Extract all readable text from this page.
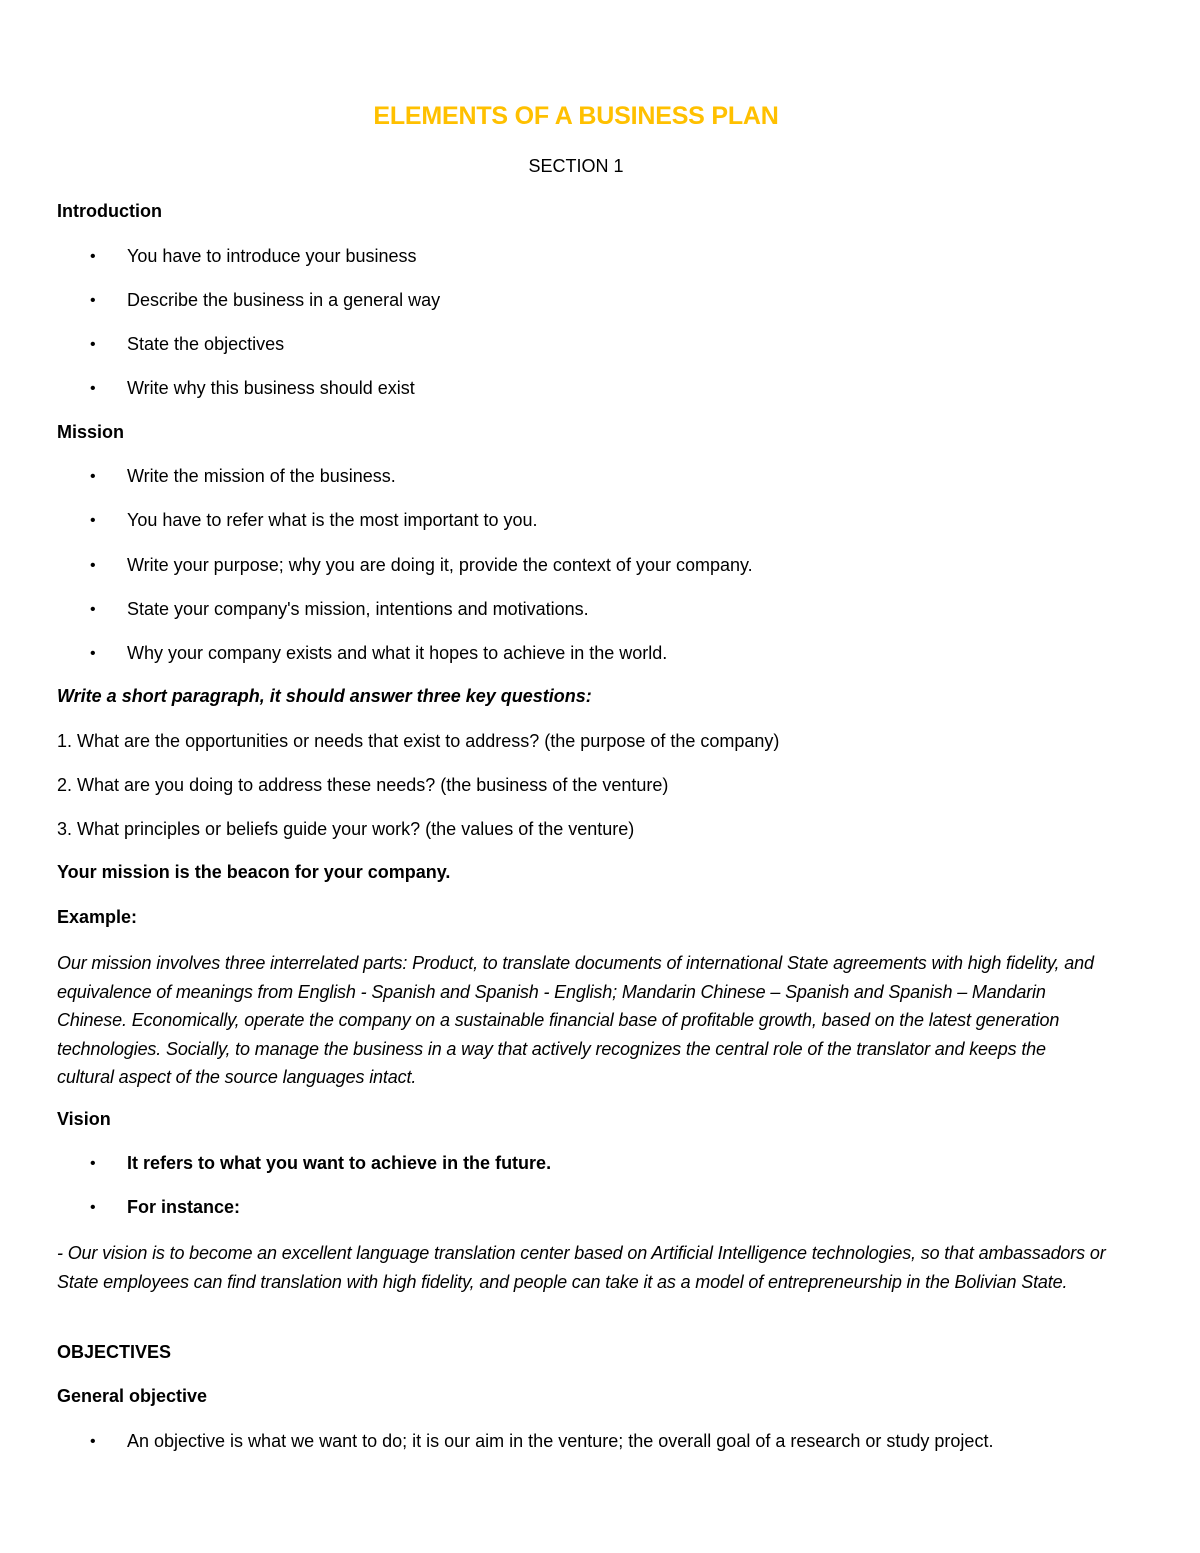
ELEMENTS OF A BUSINESS PLAN
SECTION 1
Introduction
• You have to introduce your business
• Describe the business in a general way
• State the objectives
• Write why this business should exist
Mission
• Write the mission of the business.
• You have to refer what is the most important to you.
• Write your purpose; why you are doing it, provide the context of your company.
• State your company's mission, intentions and motivations.
• Why your company exists and what it hopes to achieve in the world.
Write a short paragraph, it should answer three key questions:
1. What are the opportunities or needs that exist to address? (the purpose of the company)
2. What are you doing to address these needs? (the business of the venture)
3. What principles or beliefs guide your work? (the values of the venture)
Your mission is the beacon for your company.
Example:
Our mission involves three interrelated parts: Product, to translate documents of international State agreements with high fidelity, and equivalence of meanings from English - Spanish and Spanish - English; Mandarin Chinese – Spanish and Spanish – Mandarin Chinese. Economically, operate the company on a sustainable financial base of profitable growth, based on the latest generation technologies. Socially, to manage the business in a way that actively recognizes the central role of the translator and keeps the cultural aspect of the source languages intact.
Vision
• It refers to what you want to achieve in the future.
• For instance:
- Our vision is to become an excellent language translation center based on Artificial Intelligence technologies, so that ambassadors or State employees can find translation with high fidelity, and people can take it as a model of entrepreneurship in the Bolivian State.
OBJECTIVES
General objective
• An objective is what we want to do; it is our aim in the venture; the overall goal of a research or study project.
